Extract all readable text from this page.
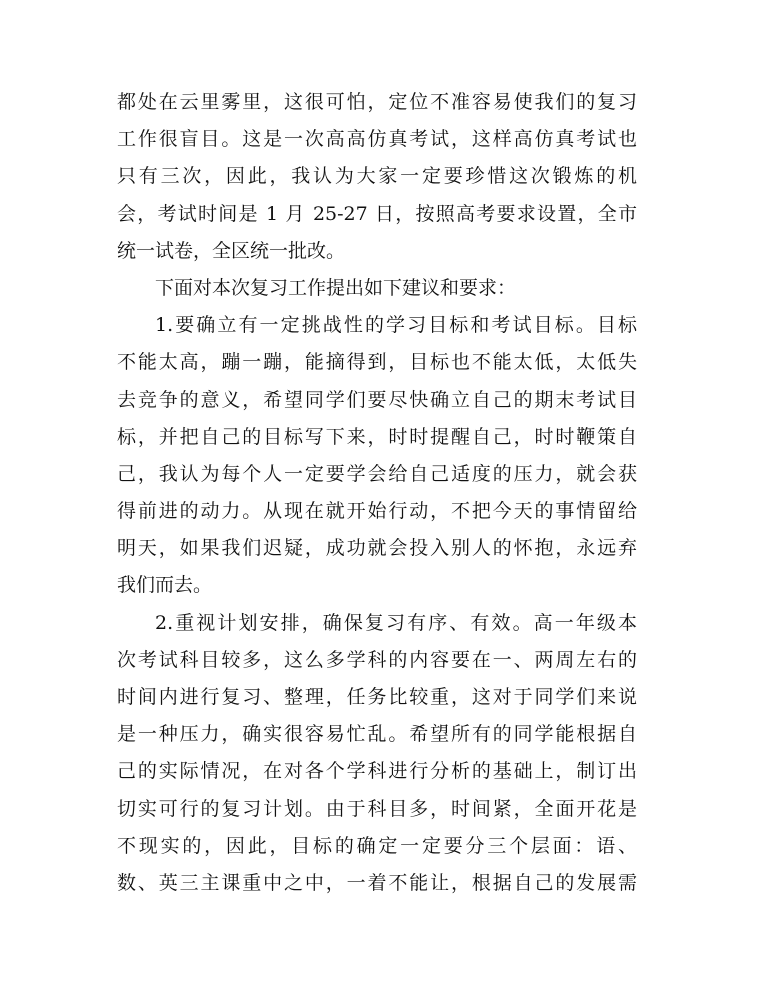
都处在云里雾里，这很可怕，定位不准容易使我们的复习
工作很盲目。这是一次高高仿真考试，这样高仿真考试也
只有三次，因此，我认为大家一定要珍惜这次锻炼的机
会，考试时间是 1 月 25-27 日，按照高考要求设置，全市
统一试卷，全区统一批改。
下面对本次复习工作提出如下建议和要求：
1.要确立有一定挑战性的学习目标和考试目标。目标
不能太高，蹦一蹦，能摘得到，目标也不能太低，太低失
去竞争的意义，希望同学们要尽快确立自己的期末考试目
标，并把自己的目标写下来，时时提醒自己，时时鞭策自
己，我认为每个人一定要学会给自己适度的压力，就会获
得前进的动力。从现在就开始行动，不把今天的事情留给
明天，如果我们迟疑，成功就会投入别人的怀抱，永远弃
我们而去。
2.重视计划安排，确保复习有序、有效。高一年级本
次考试科目较多，这么多学科的内容要在一、两周左右的
时间内进行复习、整理，任务比较重，这对于同学们来说
是一种压力，确实很容易忙乱。希望所有的同学能根据自
己的实际情况，在对各个学科进行分析的基础上，制订出
切实可行的复习计划。由于科目多，时间紧，全面开花是
不现实的，因此，目标的确定一定要分三个层面：语、
数、英三主课重中之中，一着不能让，根据自己的发展需
